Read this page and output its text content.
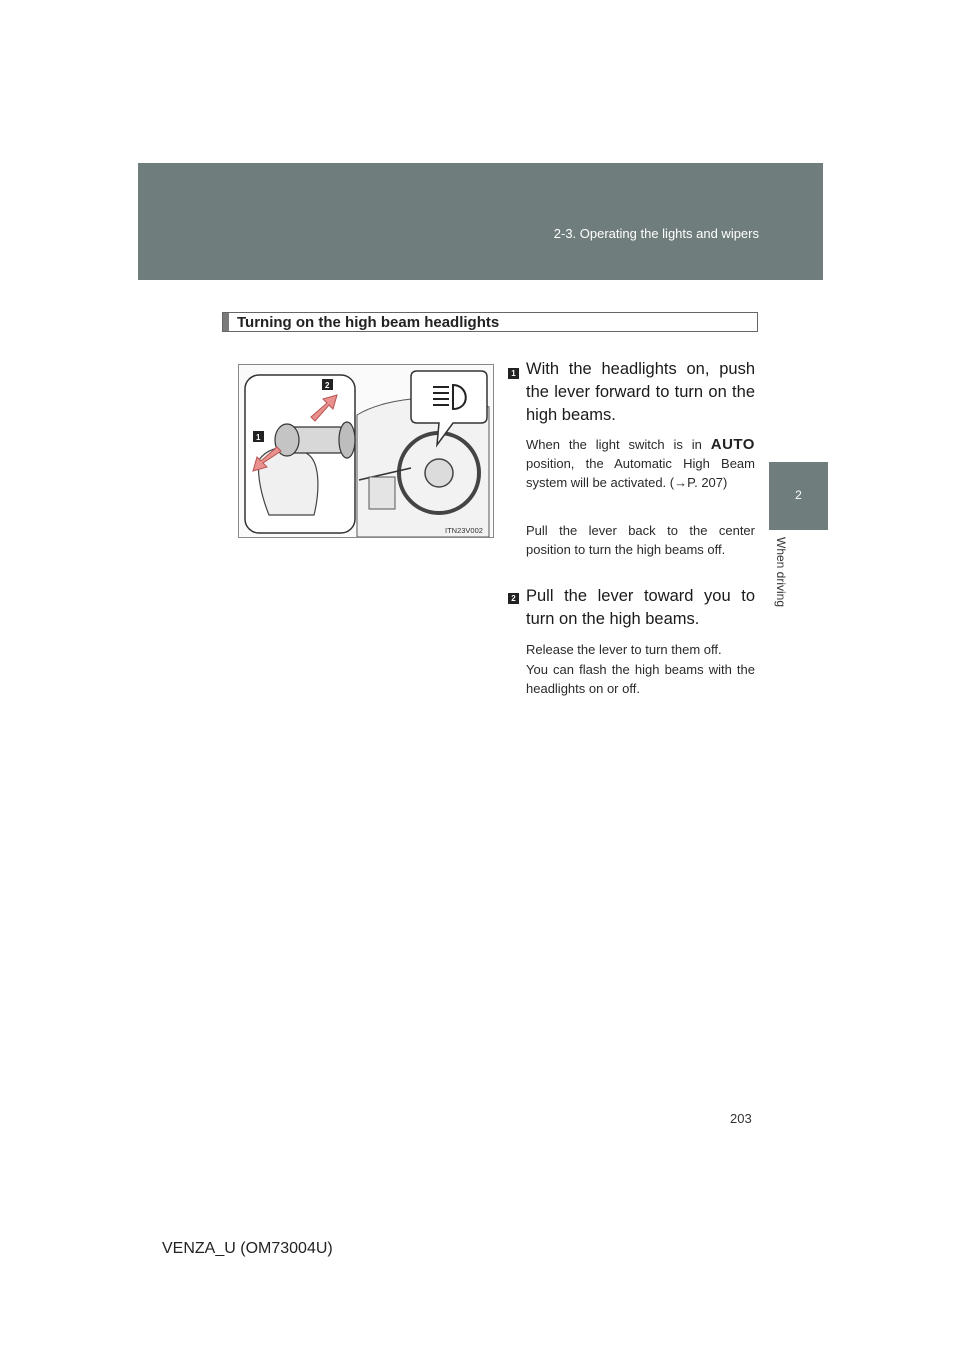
2-3. Operating the lights and wipers
2
When driving
Turning on the high beam headlights
2
1
ITN23V002
1 With the headlights on, push the lever forward to turn on the high beams.
When the light switch is in AUTO position, the Automatic High Beam system will be activated. (→P. 207)
Pull the lever back to the center position to turn the high beams off.
2 Pull the lever toward you to turn on the high beams.
Release the lever to turn them off.
You can flash the high beams with the headlights on or off.
203
VENZA_U (OM73004U)
